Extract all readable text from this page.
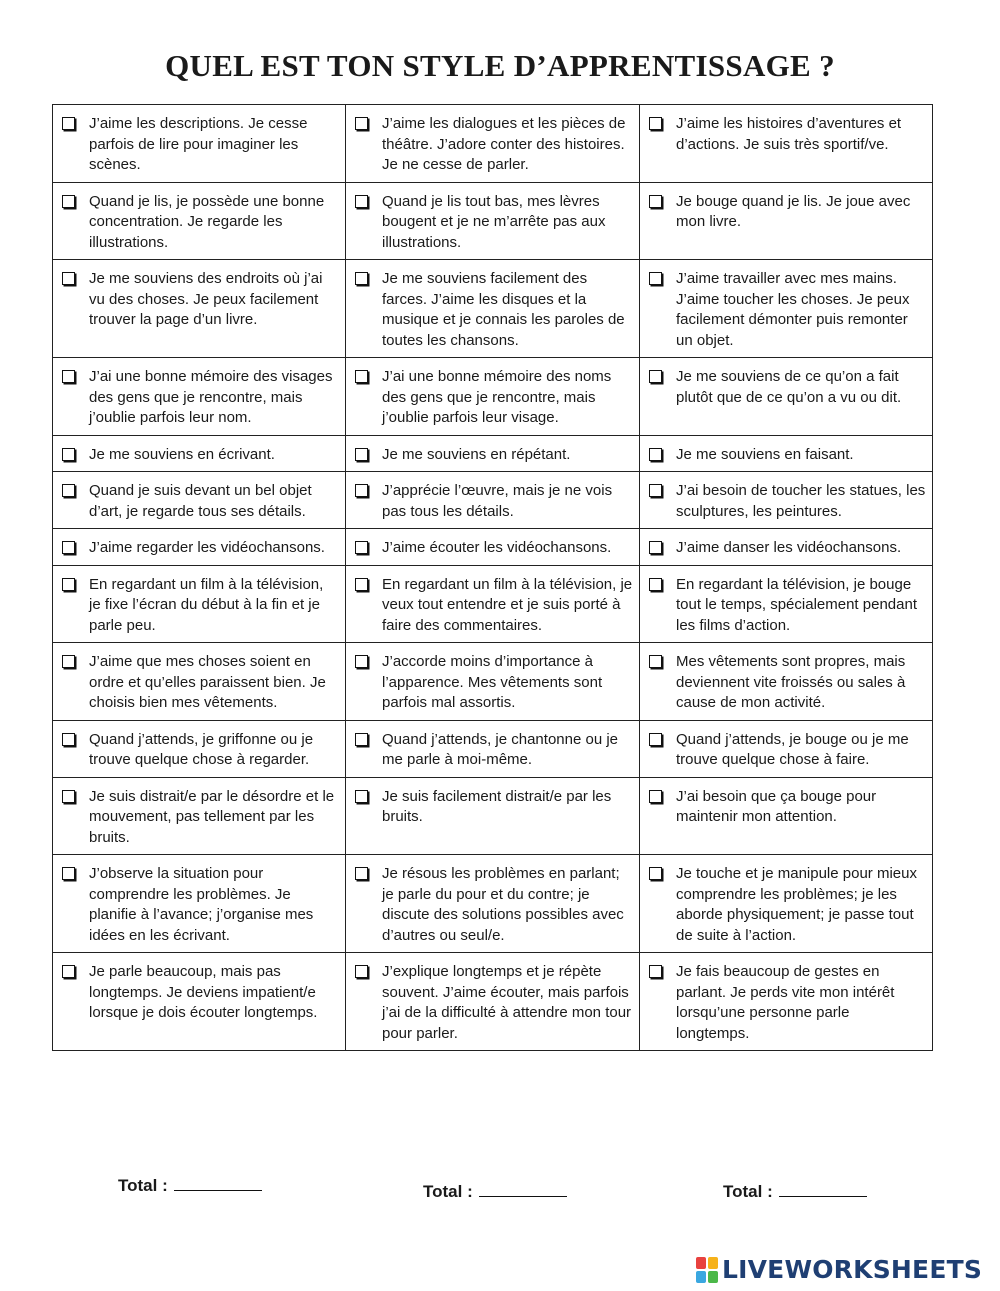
QUEL EST TON STYLE D’APPRENTISSAGE ?
J’aime les descriptions. Je cesse parfois de lire pour imaginer les scènes.	J’aime les dialogues et les pièces de théâtre. J’adore conter des histoires. Je ne cesse de parler.	J’aime les histoires d’aventures et d’actions. Je suis très sportif/ve.

Quand je lis, je possède une bonne concentration. Je regarde les illustrations.	Quand je lis tout bas, mes lèvres bougent et je ne m’arrête pas aux illustrations.	Je bouge quand je lis. Je joue avec mon livre.

Je me souviens des endroits où j’ai vu des choses. Je peux facilement trouver la page d’un livre.	Je me souviens facilement des farces. J’aime les disques et la musique et je connais les paroles de toutes les chansons.	J’aime travailler avec mes mains. J’aime toucher les choses. Je peux facilement démonter puis remonter un objet.

J’ai une bonne mémoire des visages des gens que je rencontre, mais j’oublie parfois leur nom.	J’ai une bonne mémoire des noms des gens que je rencontre, mais j’oublie parfois leur visage.	Je me souviens de ce qu’on a fait plutôt que de ce qu’on a vu ou dit.

Je me souviens en écrivant.	Je me souviens en répétant.	Je me souviens en faisant.

Quand je suis devant un bel objet d’art, je regarde tous ses détails.	J’apprécie l’œuvre, mais je ne vois pas tous les détails.	J’ai besoin de toucher les statues, les sculptures, les peintures.

J’aime regarder les vidéochansons.	J’aime écouter les vidéochansons.	J’aime danser les vidéochansons.

En regardant un film à la télévision, je fixe l’écran du début à la fin et je parle peu.	En regardant un film à la télévision, je veux tout entendre et je suis porté à faire des commentaires.	En regardant la télévision, je bouge tout le temps, spécialement pendant les films d’action.

J’aime que mes choses soient en ordre et qu’elles paraissent bien. Je choisis bien mes vêtements.	J’accorde moins d’importance à l’apparence. Mes vêtements sont parfois mal assortis.	Mes vêtements sont propres, mais deviennent vite froissés ou sales à cause de mon activité.

Quand j’attends, je griffonne ou je trouve quelque chose à regarder.	Quand j’attends, je chantonne ou je me parle à moi-même.	Quand j’attends, je bouge ou je me trouve quelque chose à faire.

Je suis distrait/e par le désordre et le mouvement, pas tellement par les bruits.	Je suis facilement distrait/e par les bruits.	J’ai besoin que ça bouge pour maintenir mon attention.

J’observe la situation pour comprendre les problèmes. Je planifie à l’avance; j’organise mes idées en les écrivant.	Je résous les problèmes en parlant; je parle du pour et du contre; je discute des solutions possibles avec d’autres ou seul/e.	Je touche et je manipule pour mieux comprendre les problèmes; je les aborde physiquement; je passe tout de suite à l’action.

Je parle beaucoup, mais pas longtemps. Je deviens impatient/e lorsque je dois écouter longtemps.	J’explique longtemps et je répète souvent. J’aime écouter, mais parfois j’ai de la difficulté à attendre mon tour pour parler.	Je fais beaucoup de gestes en parlant. Je perds vite mon intérêt lorsqu’une personne parle longtemps.
Total :	Total :	Total :
LIVEWORKSHEETS
